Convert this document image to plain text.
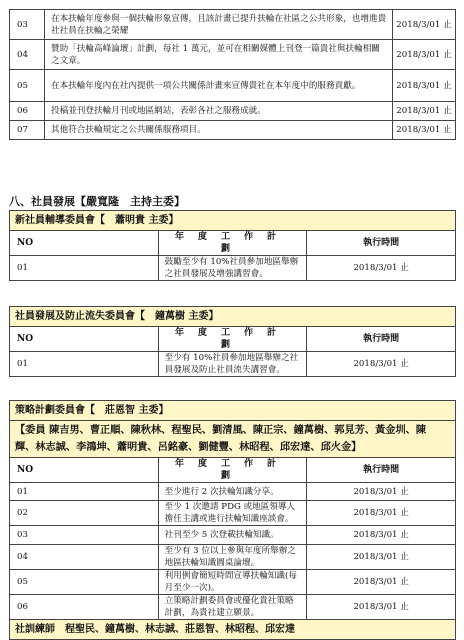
03	在本扶輪年度參與一個扶輪形象宣傳，且該計畫已提升扶輪在社區之公共形象，也增進貴社社員在扶輪之榮耀	2018/3/01 止
04	贊助「扶輪高峰論壇」計劃，每社 1 萬元，並可在相關媒體上刊登一篇貴社與扶輪相關之文章。	2018/3/01 止
05	在本扶輪年度內在社內提供一項公共關係計畫來宣傳貴社在本年度中的服務貢獻。	2018/3/01 止
06	投稿並刊登扶輪月刊或地區網站，表彰各社之服務成就。	2018/3/01 止
07	其他符合扶輪規定之公共關係服務項目。	2018/3/01 止
八、社員發展【嚴寬隆　主持主委】
新社員輔導委員會【　蕭明貴 主委】		
NO	年度工作計劃	執行時間
01	鼓勵至少有 10%社員參加地區舉辦之社員發展及增強講習會。	2018/3/01 止
社員發展及防止流失委員會【　鐘萬樹 主委】		
NO	年度工作計劃	執行時間
01	至少有 10%社員參加地區舉辦之社員發展及防止社員流失講習會。	2018/3/01 止
策略計劃委員會【　莊恩智 主委】		
【委員 陳吉男、曹正順、陳秋林、程聖民、劉清風、陳正宗、鐘萬樹、郭見芳、黃金圳、陳　輝、林志誠、李鴻坤、蕭明貴、呂銘豪、劉健豐、林昭程、邱宏達、邱火金】		
NO	年度工作計劃	執行時間
01	至少進行 2 次扶輪知識分享。	2018/3/01 止
02	至少 1 次邀請 PDG 或地區領導人擔任主講或進行扶輪知識座談會。	2018/3/01 止
03	社刊至少 5 次登載扶輪知識。	2018/3/01 止
04	至少有 3 位以上參與年度所舉辦之地區扶輪知識圓桌論壇。	2018/3/01 止
05	利用例會簡短時間宣導扶輪知識(每月至少一次)。	2018/3/01 止
06	立策略計劃委員會或優化貴社策略計劃，為貴社建立願景。	2018/3/01 止
社訓練師　程聖民、鐘萬樹、林志誠、莊恩智、林昭程、邱宏達		
